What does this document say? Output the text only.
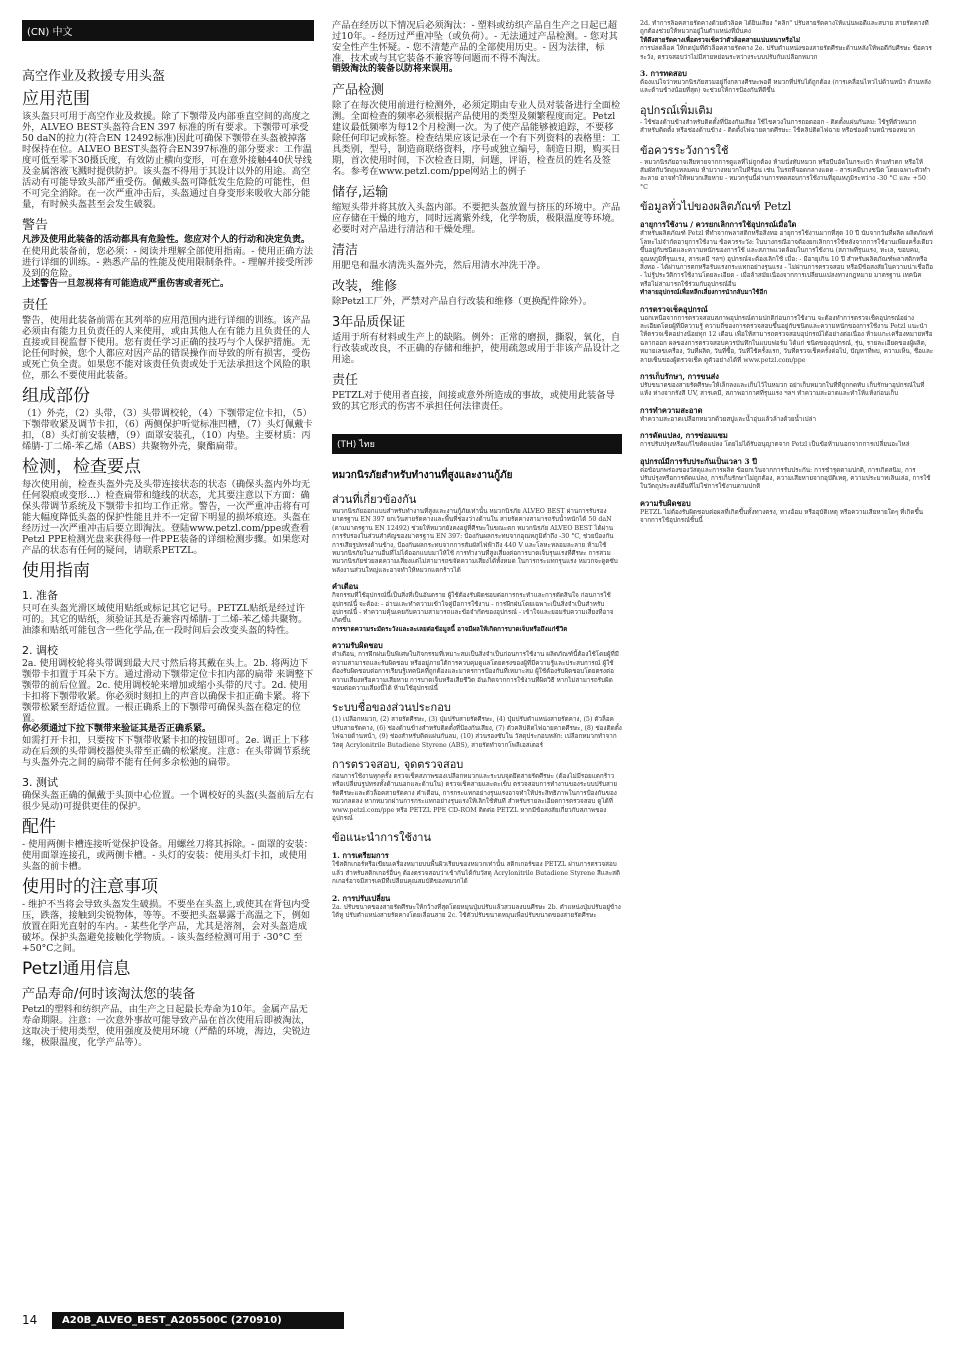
(CN) 中文
高空作业及救援专用头盔
应用范围
该头盔只可用于高空作业及救援。除了下颚带及内部垂直空间的高度之外，ALVEO BEST头盔符合EN 397 标准的所有要求。下颚带可承受50 daN的拉力(符合EN 12492标准)因此可确保下颚带在头盔被掉落时保持在位。ALVEO BEST头盔符合EN397标准的部分要求：工作温度可低至零下30摄氏度，有效防止横向变形，可在意外接触440伏导线及金属溶液飞溅时提供防护。该头盔不得用于其设计以外的用途。高空活动有可能导致头部严重受伤。佩戴头盔可降低发生危险的可能性，但不可完全消除。在一次严重冲击后，头盔通过自身变形来吸收大部分能量，有时候头盔甚至会发生破裂。
警告
凡涉及使用此装备的活动都具有危险性。您应对个人的行动和决定负责。
在使用此装备前，您必须：- 阅读并理解全部使用指南。- 使用正确方法进行详细的训练。- 熟悉产品的性能及使用限制条件。- 理解并接受所涉及到的危险。
上述警告一旦忽视将有可能造成严重伤害或者死亡。
责任
警告，使用此装备前需在其列举的应用范围内进行详细的训练。该产品必须由有能力且负责任的人来使用，或由其他人在有能力且负责任的人直接或目视监督下使用。您有责任学习正确的技巧与个人保护措施。无论任何时候，您个人都应对因产品的错误操作而导致的所有损害，受伤或死亡负全责。如果您不能对该责任负责或处于无法承担这个风险的职位，那么不要使用此装备。
组成部份
（1）外壳，（2）头带，（3）头带调校轮，（4）下颚带定位卡扣，（5）下颚带收紧及调节卡扣，（6）两侧保护听觉标准凹槽，（7）头灯佩戴卡扣，（8）头灯前安装槽，（9）面罩安装孔，（10）内垫。主要材质：丙烯腈-丁二烯-苯乙烯（ABS）共聚物外壳，聚酯扁带。
检测，检查要点
每次使用前，检查头盔外壳及头带连接状态的状态（确保头盔内外均无任何裂痕或变形...）检查扁带和缝线的状态，尤其要注意以下方面：确保头带调节系统及下颚带卡扣均工作正常。警告，一次严重冲击将有可能大幅度降低头盔的保护性能且并不一定留下明显的损坏痕迹。头盔在经历过一次严重冲击后要立即淘汰。登陆www.petzl.com/ppe或查看Petzl PPE检测光盘来获得每一件PPE装备的详细检测步骤。如果您对产品的状态有任何的疑问，请联系PETZL。
使用指南
1. 准备
只可在头盔光滑区域使用贴纸或标记其它记号。PETZL贴纸是经过许可的。其它的贴纸，须验证其是否兼容丙烯腈-丁二烯-苯乙烯共聚物。油漆和贴纸可能包含一些化学品,在一段时间后会改变头盔的特性。
2. 调校
2a. 使用调校轮将头带调到最大尺寸然后将其戴在头上。2b. 将两边下颚带卡扣置于耳朵下方。通过滑动下颚带定位卡扣内部的扁带 来调整下颚带的前后位置。2c. 使用调校轮来增加或缩小头带的尺寸。2d. 使用卡扣将下颚带收紧。你必须时刻扣上的声音以确保卡扣正确卡紧。将下颚带松紧至舒适位置。一根正确系上的下颚带可确保头盔在稳定的位置。
你必须通过下拉下颚带来验证其是否正确系紧。
如需打开卡扣，只要按下下颚带收紧卡扣的按钮即可。2e. 调正上下移动在后颈的头带调校器使头带至正确的松紧度。注意：在头带调节系统与头盔外壳之间的扁带不能有任何多余松弛的扁带。
3. 测试
确保头盔正确的佩戴于头顶中心位置。一个调校好的头盔(头盔前后左右很少晃动)可提供更佳的保护。
配件
- 使用两侧卡槽连接听觉保护设备。用螺丝刀将其拆除。- 面罩的安装：使用面罩连接孔，或两侧卡槽。- 头灯的安装：使用头灯卡扣，或使用头盔的前卡槽。
使用时的注意事项
- 维护不当将会导致头盔发生破损。不要坐在头盔上,或使其在背包内受压，跌落，接触到尖锐物体，等等。不要把头盔暴露于高温之下，例如放置在阳光直射的车内。- 某些化学产品，尤其是溶剂，会对头盔造成破坏。保护头盔避免接触化学物质。- 该头盔经检测可用于 -30°C 至 +50°C之间。
Petzl通用信息
产品寿命/何时该淘汰您的装备
Petzl的塑料和纺织产品，由生产之日起最长寿命为10年。金属产品无寿命期限。注意：一次意外事故可能导致产品在首次使用后即被淘汰，这取决于使用类型，使用强度及使用环境（严酷的环境，海边，尖锐边缘，极限温度，化学产品等）。
产品在经历以下情况后必须淘汰：- 塑料或纺织产品自生产之日起已超过10年。- 经历过严重冲坠（或负荷）。- 无法通过产品检测。- 您对其安全性产生怀疑。- 您不清楚产品的全部使用历史。- 因为法律，标准，技术或与其它装备不兼容等问题而不得不淘汰。
销毁淘汰的装备以防将来误用。
产品检测
除了在每次使用前进行检测外，必须定期由专业人员对装备进行全面检测。全面检查的频率必须根据产品使用的类型及频繁程度而定。Petzl建议最低频率为每12个月检测一次。为了使产品能够被追踪，不要移除任何印记或标签。检查结果应该记录在一个有下列资料的表格里：工具类别，型号，制造商联络资料，序号或独立编号，制造日期，购买日期，首次使用时间，下次检查日期，问题，评语，检查员的姓名及签名。参考在www.petzl.com/ppe网站上的例子
储存,运输
缩短头带并将其放入头盔内部。不要把头盔放置与挤压的环境中。产品应存储在干燥的地方，同时远离紫外线，化学物质，极限温度等环境。必要时对产品进行清洁和干燥处理。
清洁
用肥皂和温水清洗头盔外壳，然后用清水冲洗干净。
改装，维修
除Petzl工厂外，严禁对产品自行改装和维修（更换配件除外）。
3年品质保证
适用于所有材料或生产上的缺陷。例外：正常的磨损，撕裂，氧化，自行改装或改良，不正确的存储和维护，使用疏忽或用于非该产品设计之用途。
责任
PETZL对于使用者直接，间接或意外所造成的事故，或使用此装备导致的其它形式的伤害不承担任何法律责任。
(TH) ไทย
หมวกนิรภัยสำหรับทำงานที่สูงและงานกู้ภัย
ส่วนที่เกี่ยวข้องกัน
หมวกนิรภัยออกแบบสำหรับทำงานที่สูงและงานกู้ภัยเท่านั้น หมวกนิรภัย ALVEO BEST ผ่านการรับรองมาตรฐาน EN 397 ยกเว้นสายรัดคางและพื้นที่ช่องว่างด้านใน สายรัดคางสามารถรับน้ำหนักได้ 50 daN (ตามมาตรฐาน EN 12492) ช่วยให้หมวกยังคงอยู่ที่ศีรษะในขณะตก หมวกนิรภัย ALVEO BEST ได้ผ่านการรับรองในส่วนสำคัญของมาตรฐาน EN 397: ป้องกันผลกระทบจากอุณหภูมิต่ำถึง -30 °C, ช่วยป้องกันการเสียรูปทรงด้านข้าง, ป้องกันผลกระทบจากการสัมผัสไฟฟ้าถึง 440 V และโลหะหลอมละลาย ห้ามใช้หมวกนิรภัยในงานอื่นที่ไม่ได้ออกแบบมาให้ใช้ การทำงานที่สูงเสี่ยงต่อการบาดเจ็บรุนแรงที่ศีรษะ การสวมหมวกนิรภัยช่วยลดความเสี่ยงแต่ไม่สามารถขจัดความเสี่ยงได้ทั้งหมด ในการกระแทกรุนแรง หมวกจะดูดซับพลังงานส่วนใหญ่และอาจทำให้หมวกแตกร้าวได้
คำเตือน
กิจกรรมที่ใช้อุปกรณ์นี้เป็นสิ่งที่เป็นอันตราย ผู้ใช้ต้องรับผิดชอบต่อการกระทำและการตัดสินใจ ก่อนการใช้อุปกรณ์นี้ จะต้อง: - อ่านและทำความเข้าใจคู่มือการใช้งาน - การฝึกฝนโดยเฉพาะเป็นสิ่งจำเป็นสำหรับอุปกรณ์นี้ - ทำความคุ้นเคยกับความสามารถและข้อจำกัดของอุปกรณ์ - เข้าใจและยอมรับความเสี่ยงที่อาจเกิดขึ้น
การขาดความระมัดระวังและละเลยต่อข้อมูลนี้ อาจมีผลให้เกิดการบาดเจ็บหรือถึงแก่ชีวิต
ความรับผิดชอบ
คำเตือน, การฝึกฝนเป็นพิเศษในกิจกรรมที่เหมาะสมเป็นสิ่งจำเป็นก่อนการใช้งาน ผลิตภัณฑ์นี้ต้องใช้โดยผู้ที่มีความสามารถและรับผิดชอบ หรืออยู่ภายใต้การควบคุมดูแลโดยตรงของผู้ที่มีความรู้และประสบการณ์ ผู้ใช้ต้องรับผิดชอบต่อการเรียนรู้เทคนิคที่ถูกต้องและมาตรการป้องกันที่เหมาะสม ผู้ใช้ต้องรับผิดชอบโดยตรงต่อความเสี่ยงหรือความเสียหาย การบาดเจ็บหรือเสียชีวิต อันเกิดจากการใช้งานที่ผิดวิธี หากไม่สามารถรับผิดชอบต่อความเสี่ยงนี้ได้ ห้ามใช้อุปกรณ์นี้
ระบบชื่อของส่วนประกอบ
(1) เปลือกหมวก, (2) สายรัดศีรษะ, (3) ปุ่มปรับสายรัดศีรษะ, (4) ปุ่มปรับตำแหน่งสายรัดคาง, (5) ตัวล็อคปรับสายรัดคาง, (6) ช่องด้านข้างสำหรับติดตั้งที่ป้องกันเสียง, (7) ตัวคลิปติดไฟฉายคาดศีรษะ, (8) ช่องติดตั้งไฟฉายด้านหน้า, (9) ช่องสำหรับติดแผ่นกันลม, (10) ส่วนรองซับใน วัสดุประกอบหลัก: เปลือกหมวกทำจากวัสดุ Acrylonitrile Butadiene Styrene (ABS), สายรัดทำจากโพลีเอสเตอร์
การตรวจสอบ, จุดตรวจสอบ
ก่อนการใช้งานทุกครั้ง ตรวจเช็คสภาพของเปลือกหมวกและระบบจุดยึดสายรัดศีรษะ (ต้องไม่มีรอยแตกร้าวหรือเปลี่ยนรูปทรงทั้งด้านนอกและด้านใน) ตรวจเช็คสายและตะเข็บ ตรวจสอบการทำงานของระบบปรับสายรัดศีรษะและตัวล็อคสายรัดคาง คำเตือน, การกระแทกอย่างรุนแรงอาจทำให้ประสิทธิภาพในการป้องกันของหมวกลดลง หากหมวกผ่านการกระแทกอย่างรุนแรงให้เลิกใช้ทันที สำหรับรายละเอียดการตรวจสอบ ดูได้ที่ www.petzl.com/ppe หรือ PETZL PPE CD-ROM ติดต่อ PETZL หากมีข้อสงสัยเกี่ยวกับสภาพของอุปกรณ์
ข้อแนะนำการใช้งาน
1. การเตรียมการ
ใช้สติกเกอร์หรือเขียนเครื่องหมายบนพื้นผิวเรียบของหมวกเท่านั้น สติกเกอร์ของ PETZL ผ่านการตรวจสอบแล้ว สำหรับสติกเกอร์อื่นๆ ต้องตรวจสอบว่าเข้ากันได้กับวัสดุ Acrylonitrile Butadiene Styrene สีและสติกเกอร์อาจมีสารเคมีที่เปลี่ยนคุณสมบัติของหมวกได้
2. การปรับเปลี่ยน
2a. ปรับขนาดของสายรัดศีรษะให้กว้างที่สุดโดยหมุนปุ่มปรับแล้วสวมลงบนศีรษะ 2b. ตำแหน่งปุ่มปรับอยู่ข้างใต้หู ปรับตำแหน่งสายรัดคางโดยเลื่อนสาย 2c. ใช้ตัวปรับขนาดหมุนเพื่อปรับขนาดของสายรัดศีรษะ
2d. ทำการล็อคสายรัดคางด้วยตัวล็อค ได้ยินเสียง "คลิก" ปรับสายรัดคางให้แน่นพอดีและสบาย สายรัดคางที่ถูกต้องช่วยให้หมวกอยู่ในตำแหน่งที่มั่นคง
ให้ดึงสายรัดคางเพื่อตรวจเช็คว่าตัวล็อคสายแน่นหนาหรือไม่
การปลดล็อค ให้กดปุ่มที่ตัวล็อคสายรัดคาง 2e. ปรับตำแหน่งของสายรัดศีรษะด้านหลังให้พอดีกับศีรษะ ข้อควรระวัง, ตรวจสอบว่าไม่มีสายหย่อนระหว่างระบบปรับกับเปลือกหมวก
3. การทดสอบ
ต้องแน่ใจว่าหมวกนิรภัยสวมอยู่กึ่งกลางศีรษะพอดี หมวกที่ปรับได้ถูกต้อง (การเคลื่อนไหวไปด้านหน้า ด้านหลัง และด้านข้างน้อยที่สุด) จะช่วยให้การป้องกันที่ดีขึ้น
อุปกรณ์เพิ่มเติม
- ใช้ช่องด้านข้างสำหรับติดตั้งที่ป้องกันเสียง ใช้ไขควงในการถอดออก - ติดตั้งแผ่นกันลม: ใช้รูที่ตัวหมวกสำหรับติดตั้ง หรือช่องด้านข้าง - ติดตั้งไฟฉายคาดศีรษะ: ใช้คลิปติดไฟฉาย หรือช่องด้านหน้าของหมวก
ข้อควรระวังการใช้
- หมวกนิรภัยอาจเสียหายจากการดูแลที่ไม่ถูกต้อง ห้ามนั่งทับหมวก หรือบีบอัดในกระเป๋า ห้ามทำตก หรือให้สัมผัสกับวัตถุแหลมคม ห้ามวางหมวกในที่ร้อน เช่น ในรถที่จอดกลางแดด - สารเคมีบางชนิด โดยเฉพาะตัวทำละลาย อาจทำให้หมวกเสียหาย - หมวกรุ่นนี้ผ่านการทดสอบการใช้งานที่อุณหภูมิระหว่าง -30 °C และ +50 °C
ข้อมูลทั่วไปของผลิตภัณฑ์ Petzl
อายุการใช้งาน / ควรยกเลิกการใช้อุปกรณ์เมื่อใด
สำหรับผลิตภัณฑ์ Petzl ที่ทำจากพลาสติกหรือสิ่งทอ อายุการใช้งานมากที่สุด 10 ปี นับจากวันที่ผลิต ผลิตภัณฑ์โลหะไม่จำกัดอายุการใช้งาน ข้อควรระวัง: ในบางกรณีอาจต้องยกเลิกการใช้หลังจากการใช้งานเพียงครั้งเดียว ขึ้นอยู่กับชนิดและความหนักของการใช้ และสภาพแวดล้อมในการใช้งาน (สภาพที่รุนแรง, ทะเล, ขอบคม, อุณหภูมิที่รุนแรง, สารเคมี ฯลฯ) อุปกรณ์จะต้องเลิกใช้ เมื่อ: - มีอายุเกิน 10 ปี สำหรับผลิตภัณฑ์พลาสติกหรือสิ่งทอ - ได้ผ่านการตกหรือรับแรงกระแทกอย่างรุนแรง - ไม่ผ่านการตรวจสอบ หรือมีข้อสงสัยในความน่าเชื่อถือ - ไม่รู้ประวัติการใช้งานโดยละเอียด - เมื่อล้าสมัยเนื่องจากการเปลี่ยนแปลงทางกฎหมาย มาตรฐาน เทคนิค หรือไม่สามารถใช้ร่วมกับอุปกรณ์อื่น
ทำลายอุปกรณ์เพื่อหลีกเลี่ยงการนำกลับมาใช้อีก
การตรวจเช็คอุปกรณ์
นอกเหนือจากการตรวจสอบสภาพอุปกรณ์ตามปกติก่อนการใช้งาน จะต้องทำการตรวจเช็คอุปกรณ์อย่างละเอียดโดยผู้ที่มีความรู้ ความถี่ของการตรวจสอบขึ้นอยู่กับชนิดและความหนักของการใช้งาน Petzl แนะนำให้ตรวจเช็คอย่างน้อยทุก 12 เดือน เพื่อให้สามารถตรวจสอบอุปกรณ์ได้อย่างต่อเนื่อง ห้ามแกะเครื่องหมายหรือฉลากออก ผลของการตรวจสอบควรบันทึกในแบบฟอร์ม ได้แก่ ชนิดของอุปกรณ์, รุ่น, รายละเอียดของผู้ผลิต, หมายเลขเครื่อง, วันที่ผลิต, วันที่ซื้อ, วันที่ใช้ครั้งแรก, วันที่ตรวจเช็คครั้งต่อไป, ปัญหาที่พบ, ความเห็น, ชื่อและลายเซ็นของผู้ตรวจเช็ค ดูตัวอย่างได้ที่ www.petzl.com/ppe
การเก็บรักษา, การขนส่ง
ปรับขนาดของสายรัดศีรษะให้เล็กลงและเก็บไว้ในหมวก อย่าเก็บหมวกในที่ที่ถูกกดทับ เก็บรักษาอุปกรณ์ในที่แห้ง ห่างจากรังสี UV, สารเคมี, สภาพอากาศที่รุนแรง ฯลฯ ทำความสะอาดและทำให้แห้งก่อนเก็บ
การทำความสะอาด
ทำความสะอาดเปลือกหมวกด้วยสบู่และน้ำอุ่นแล้วล้างด้วยน้ำเปล่า
การดัดแปลง, การซ่อมแซม
การปรับปรุงหรือแก้ไขดัดแปลง โดยไม่ได้รับอนุญาตจาก Petzl เป็นข้อห้ามนอกจากการเปลี่ยนอะไหล่
อุปกรณ์มีการรับประกันเป็นเวลา 3 ปี
ต่อข้อบกพร่องของวัสดุและการผลิต ข้อยกเว้นจากการรับประกัน: การชำรุดตามปกติ, การเกิดสนิม, การปรับปรุงหรือการดัดแปลง, การเก็บรักษาไม่ถูกต้อง, ความเสียหายจากอุบัติเหตุ, ความประมาทเลินเล่อ, การใช้ในวัตถุประสงค์อื่นที่ไม่ใช่การใช้งานตามปกติ
ความรับผิดชอบ
PETZL ไม่ต้องรับผิดชอบต่อผลที่เกิดขึ้นทั้งทางตรง, ทางอ้อม หรืออุบัติเหตุ หรือความเสียหายใดๆ ที่เกิดขึ้นจากการใช้อุปกรณ์ชิ้นนี้
14	A20B_ALVEO_BEST_A205500C (270910)
